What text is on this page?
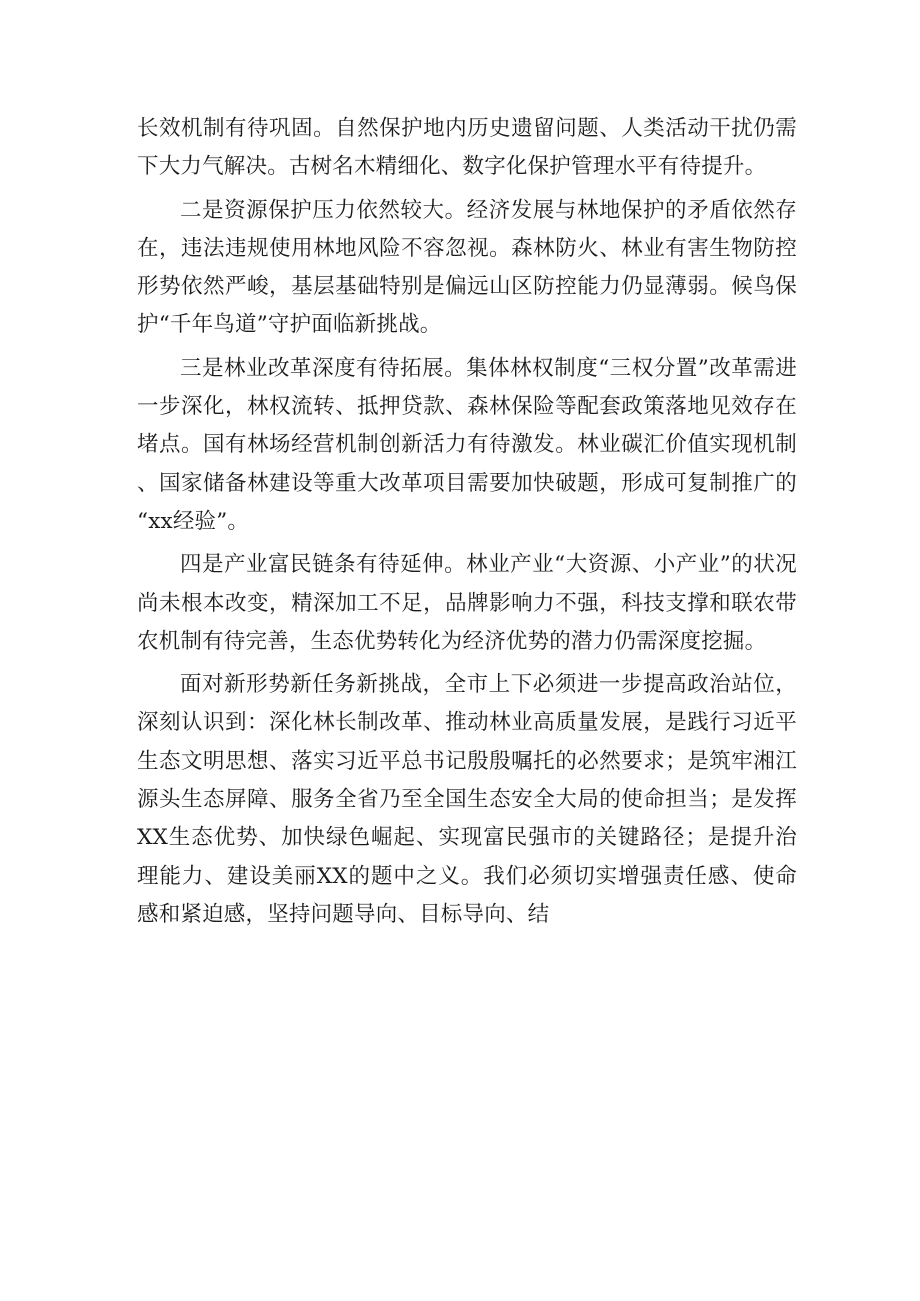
长效机制有待巩固。自然保护地内历史遗留问题、人类活动干扰仍需下大力气解决。古树名木精细化、数字化保护管理水平有待提升。

二是资源保护压力依然较大。经济发展与林地保护的矛盾依然存在，违法违规使用林地风险不容忽视。森林防火、林业有害生物防控形势依然严峻，基层基础特别是偏远山区防控能力仍显薄弱。候鸟保护“千年鸟道”守护面临新挑战。

三是林业改革深度有待拓展。集体林权制度“三权分置”改革需进一步深化，林权流转、抵押贷款、森林保险等配套政策落地见效存在堵点。国有林场经营机制创新活力有待激发。林业碳汇价值实现机制、国家储备林建设等重大改革项目需要加快破题，形成可复制推广的“xx经验”。

四是产业富民链条有待延伸。林业产业“大资源、小产业”的状况尚未根本改变，精深加工不足，品牌影响力不强，科技支撑和联农带农机制有待完善，生态优势转化为经济优势的潜力仍需深度挖掘。

面对新形势新任务新挑战，全市上下必须进一步提高政治站位，深刻认识到：深化林长制改革、推动林业高质量发展，是践行习近平生态文明思想、落实习近平总书记殷殷嘱托的必然要求；是筑牢湘江源头生态屏障、服务全省乃至全国生态安全大局的使命担当；是发挥XX生态优势、加快绿色崛起、实现富民强市的关键路径；是提升治理能力、建设美丽XX的题中之义。我们必须切实增强责任感、使命感和紧迫感，坚持问题导向、目标导向、结
